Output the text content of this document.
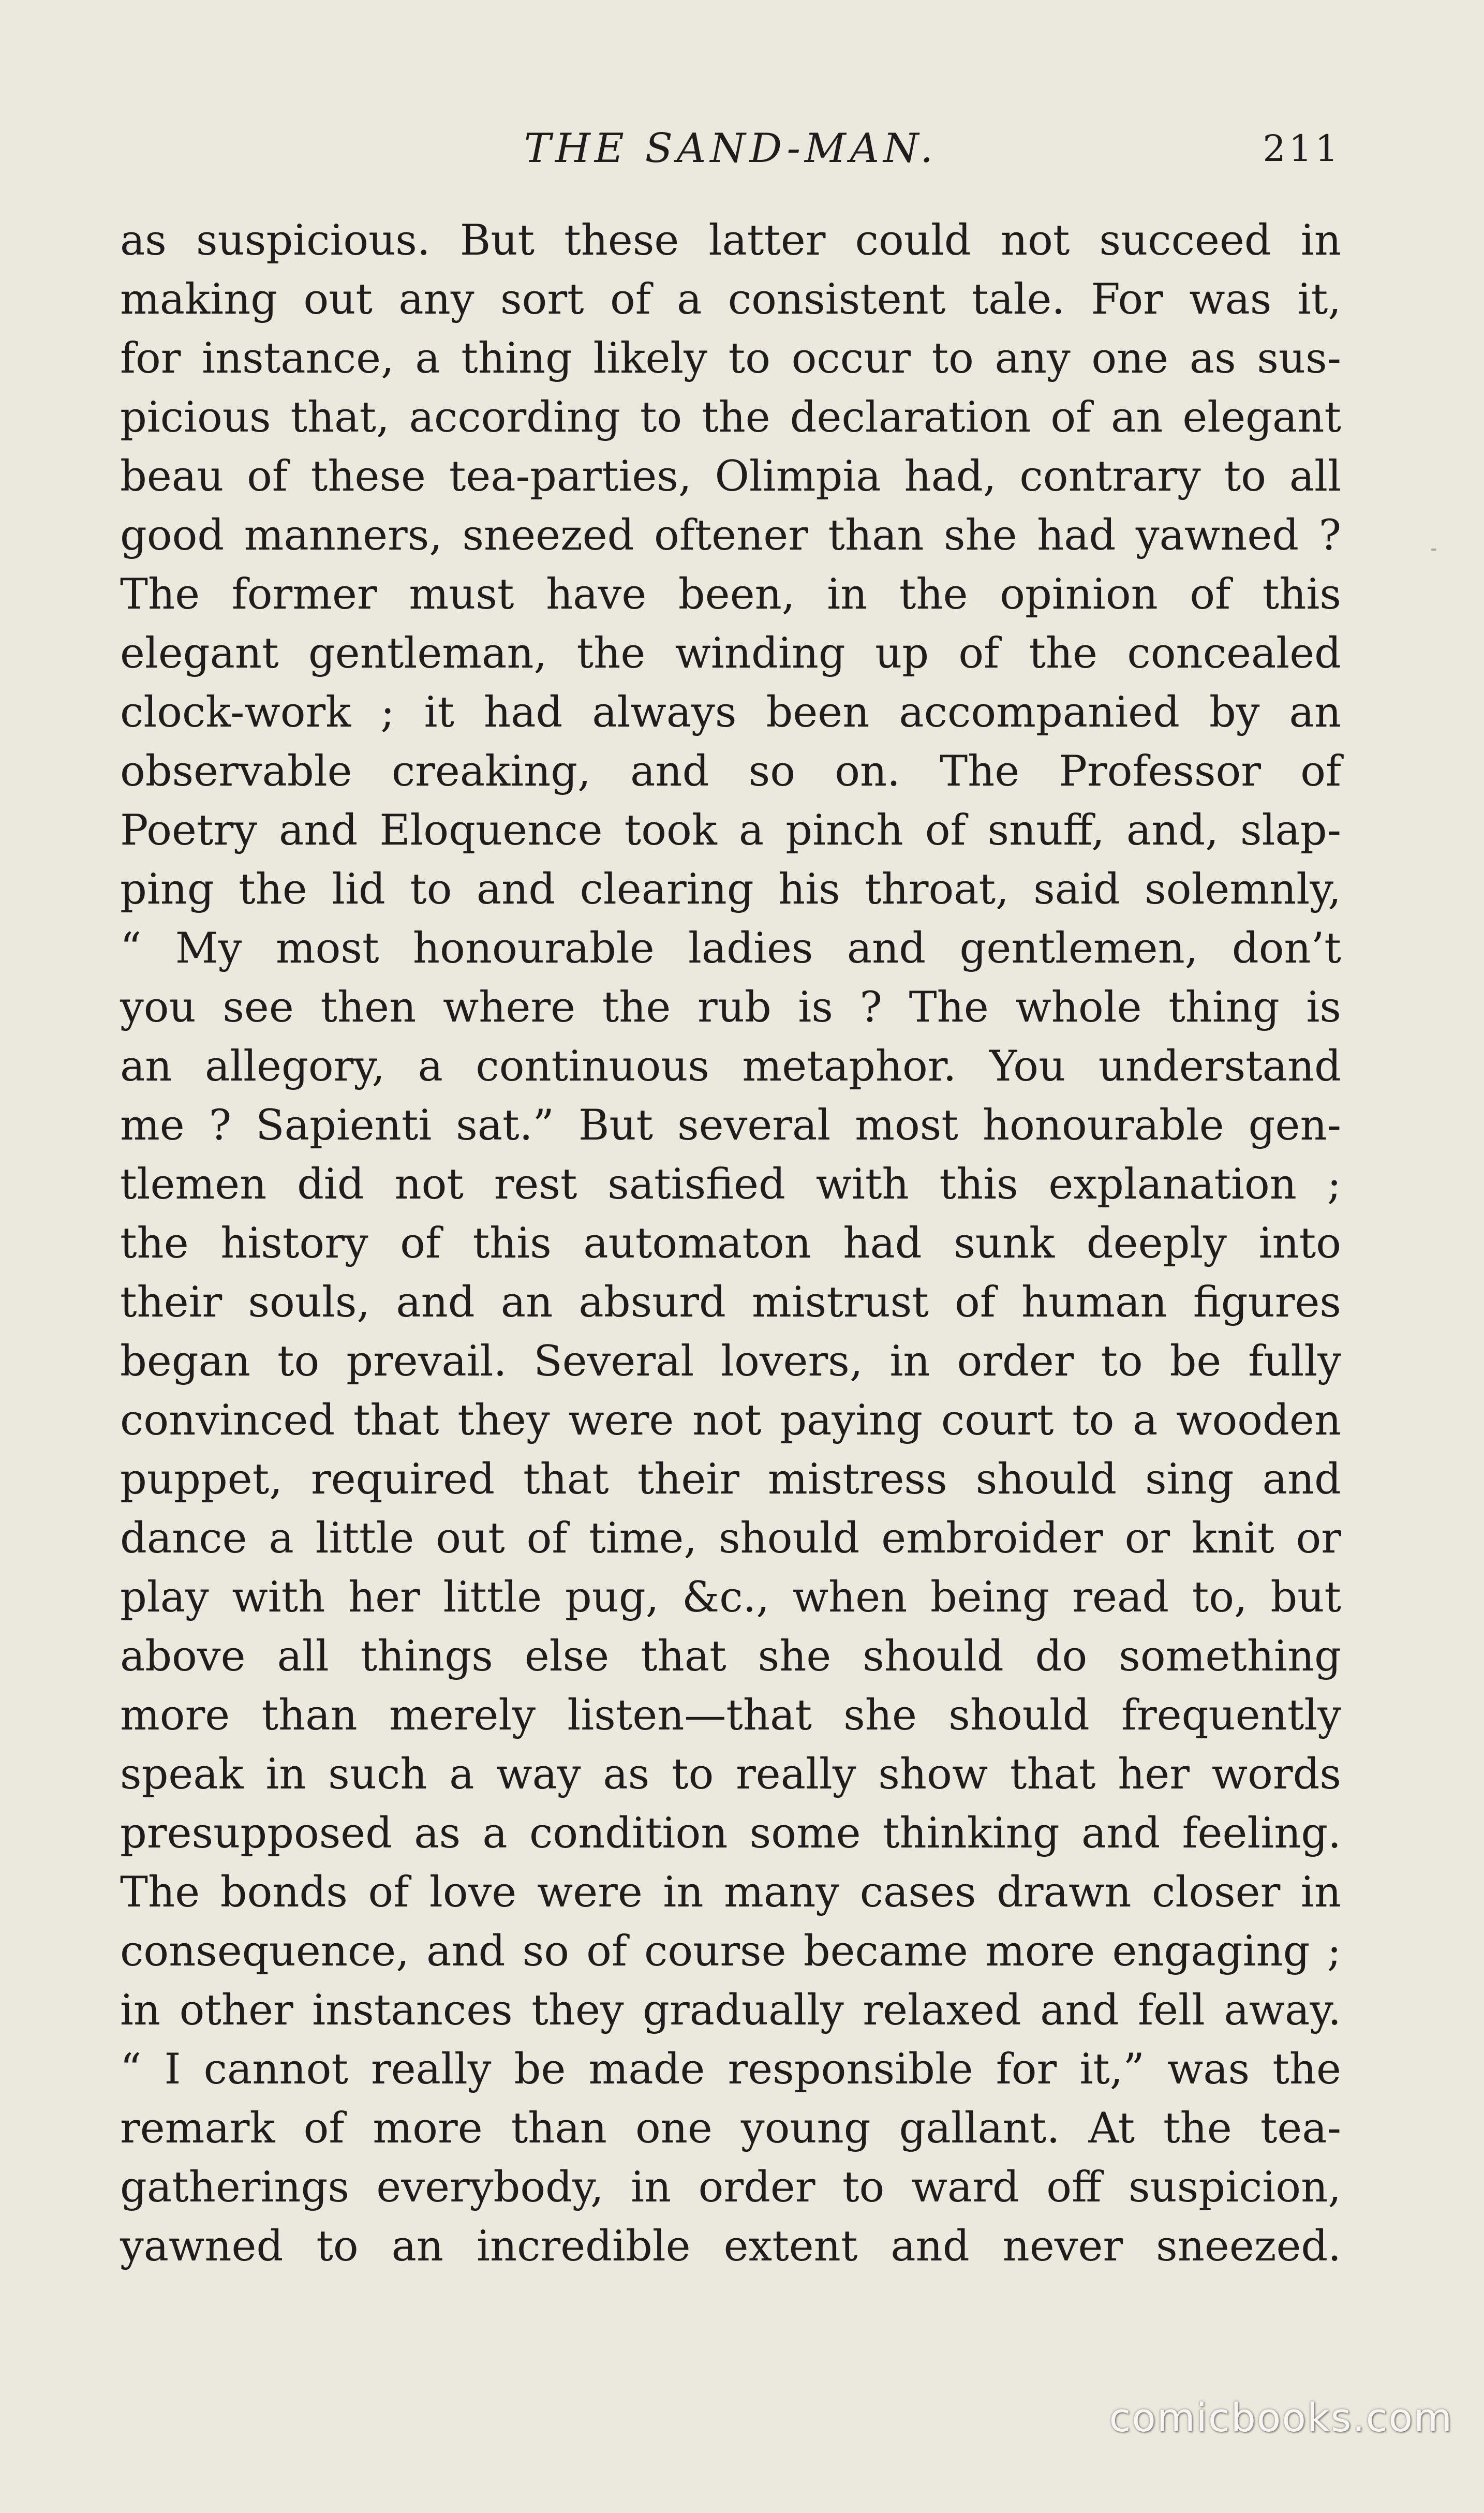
THE SAND-MAN.	211
as suspicious. But these latter could not succeed in
making out any sort of a consistent tale. For was it,
for instance, a thing likely to occur to any one as sus-
picious that, according to the declaration of an elegant
beau of these tea-parties, Olimpia had, contrary to all
good manners, sneezed oftener than she had yawned ?
The former must have been, in the opinion of this
elegant gentleman, the winding up of the concealed
clock-work ; it had always been accompanied by an
observable creaking, and so on. The Professor of
Poetry and Eloquence took a pinch of snuff, and, slap-
ping the lid to and clearing his throat, said solemnly,
“ My most honourable ladies and gentlemen, don’t
you see then where the rub is ? The whole thing is
an allegory, a continuous metaphor. You understand
me ? Sapienti sat.” But several most honourable gen-
tlemen did not rest satisfied with this explanation ;
the history of this automaton had sunk deeply into
their souls, and an absurd mistrust of human figures
began to prevail. Several lovers, in order to be fully
convinced that they were not paying court to a wooden
puppet, required that their mistress should sing and
dance a little out of time, should embroider or knit or
play with her little pug, &c., when being read to, but
above all things else that she should do something
more than merely listen—that she should frequently
speak in such a way as to really show that her words
presupposed as a condition some thinking and feeling.
The bonds of love were in many cases drawn closer in
consequence, and so of course became more engaging ;
in other instances they gradually relaxed and fell away.
“ I cannot really be made responsible for it,” was the
remark of more than one young gallant. At the tea-
gatherings everybody, in order to ward off suspicion,
yawned to an incredible extent and never sneezed.
comicbooks.com
